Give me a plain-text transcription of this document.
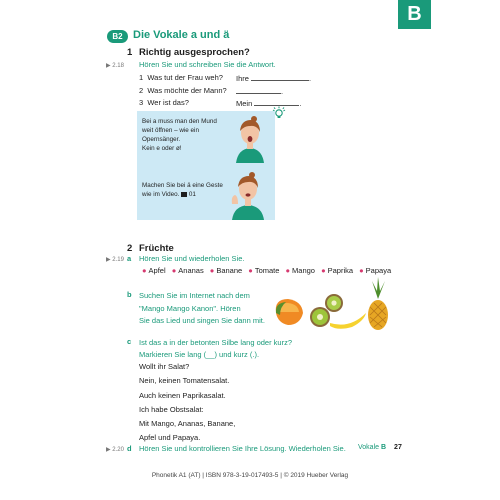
B
B2 Die Vokale a und ä
1 Richtig ausgesprochen?
▶ 2.18 Hören Sie und schreiben Sie die Antwort.
1 Was tut der Frau weh? Ihre	.
2 Was möchte der Mann?	.
3 Wer ist das?	Mein	.
Bei a muss man den Mund
weit öffnen – wie ein
Opernsänger.
Kein e oder ø!
Machen Sie bei ä eine Geste
wie im Video. 01
2 Früchte
▶ 2.19 a Hören Sie und wiederholen Sie.
● Apfel ● Ananas ● Banane ● Tomate ● Mango ● Paprika ● Papaya
b Suchen Sie im Internet nach dem
"Mango Mango Kanon". Hören
Sie das Lied und singen Sie dann mit.
c Ist das a in der betonten Silbe lang oder kurz?
Markieren Sie lang (__) und kurz (.).
Wollt ihr Salat?
Nein, keinen Tomatensalat.
Auch keinen Paprikasalat.
Ich habe Obstsalat:
Mit Mango, Ananas, Banane,
Apfel und Papaya.
▶ 2.20 d Hören Sie und kontrollieren Sie Ihre Lösung. Wiederholen Sie. Vokale B 27
Phonetik A1 (AT) | ISBN 978-3-19-017493-5 | © 2019 Hueber Verlag
